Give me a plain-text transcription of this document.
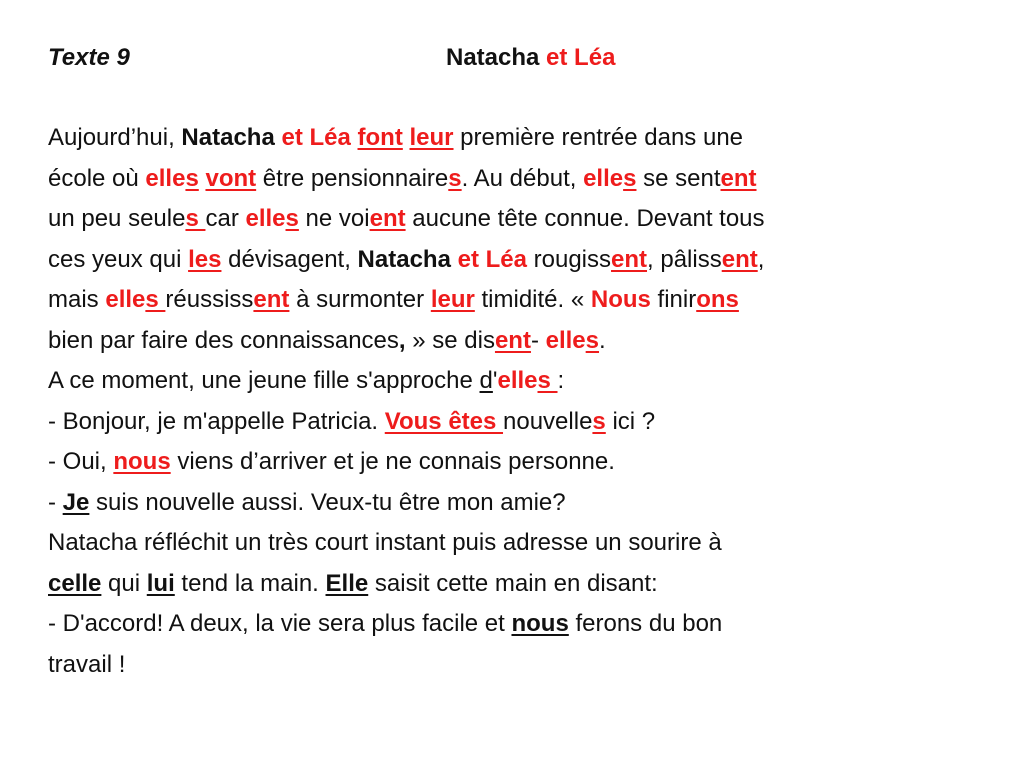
Texte 9	Natacha et Léa
Aujourd’hui, Natacha et Léa font leur première rentrée dans une
école où elles vont être pensionnaires. Au début, elles se sentent
un peu seules car elles ne voient aucune tête connue. Devant tous
ces yeux qui les dévisagent, Natacha et Léa rougissent, pâlissent,
mais elles réussissent à surmonter leur timidité. « Nous finirons
bien par faire des connaissances, » se disent- elles.
A ce moment, une jeune fille s'approche d'elles :
- Bonjour, je m'appelle Patricia. Vous êtes nouvelles ici ?
- Oui, nous viens d’arriver et je ne connais personne.
- Je suis nouvelle aussi. Veux-tu être mon amie?
Natacha réfléchit un très court instant puis adresse un sourire à
celle qui lui tend la main. Elle saisit cette main en disant:
- D'accord! A deux, la vie sera plus facile et nous ferons du bon
travail !
